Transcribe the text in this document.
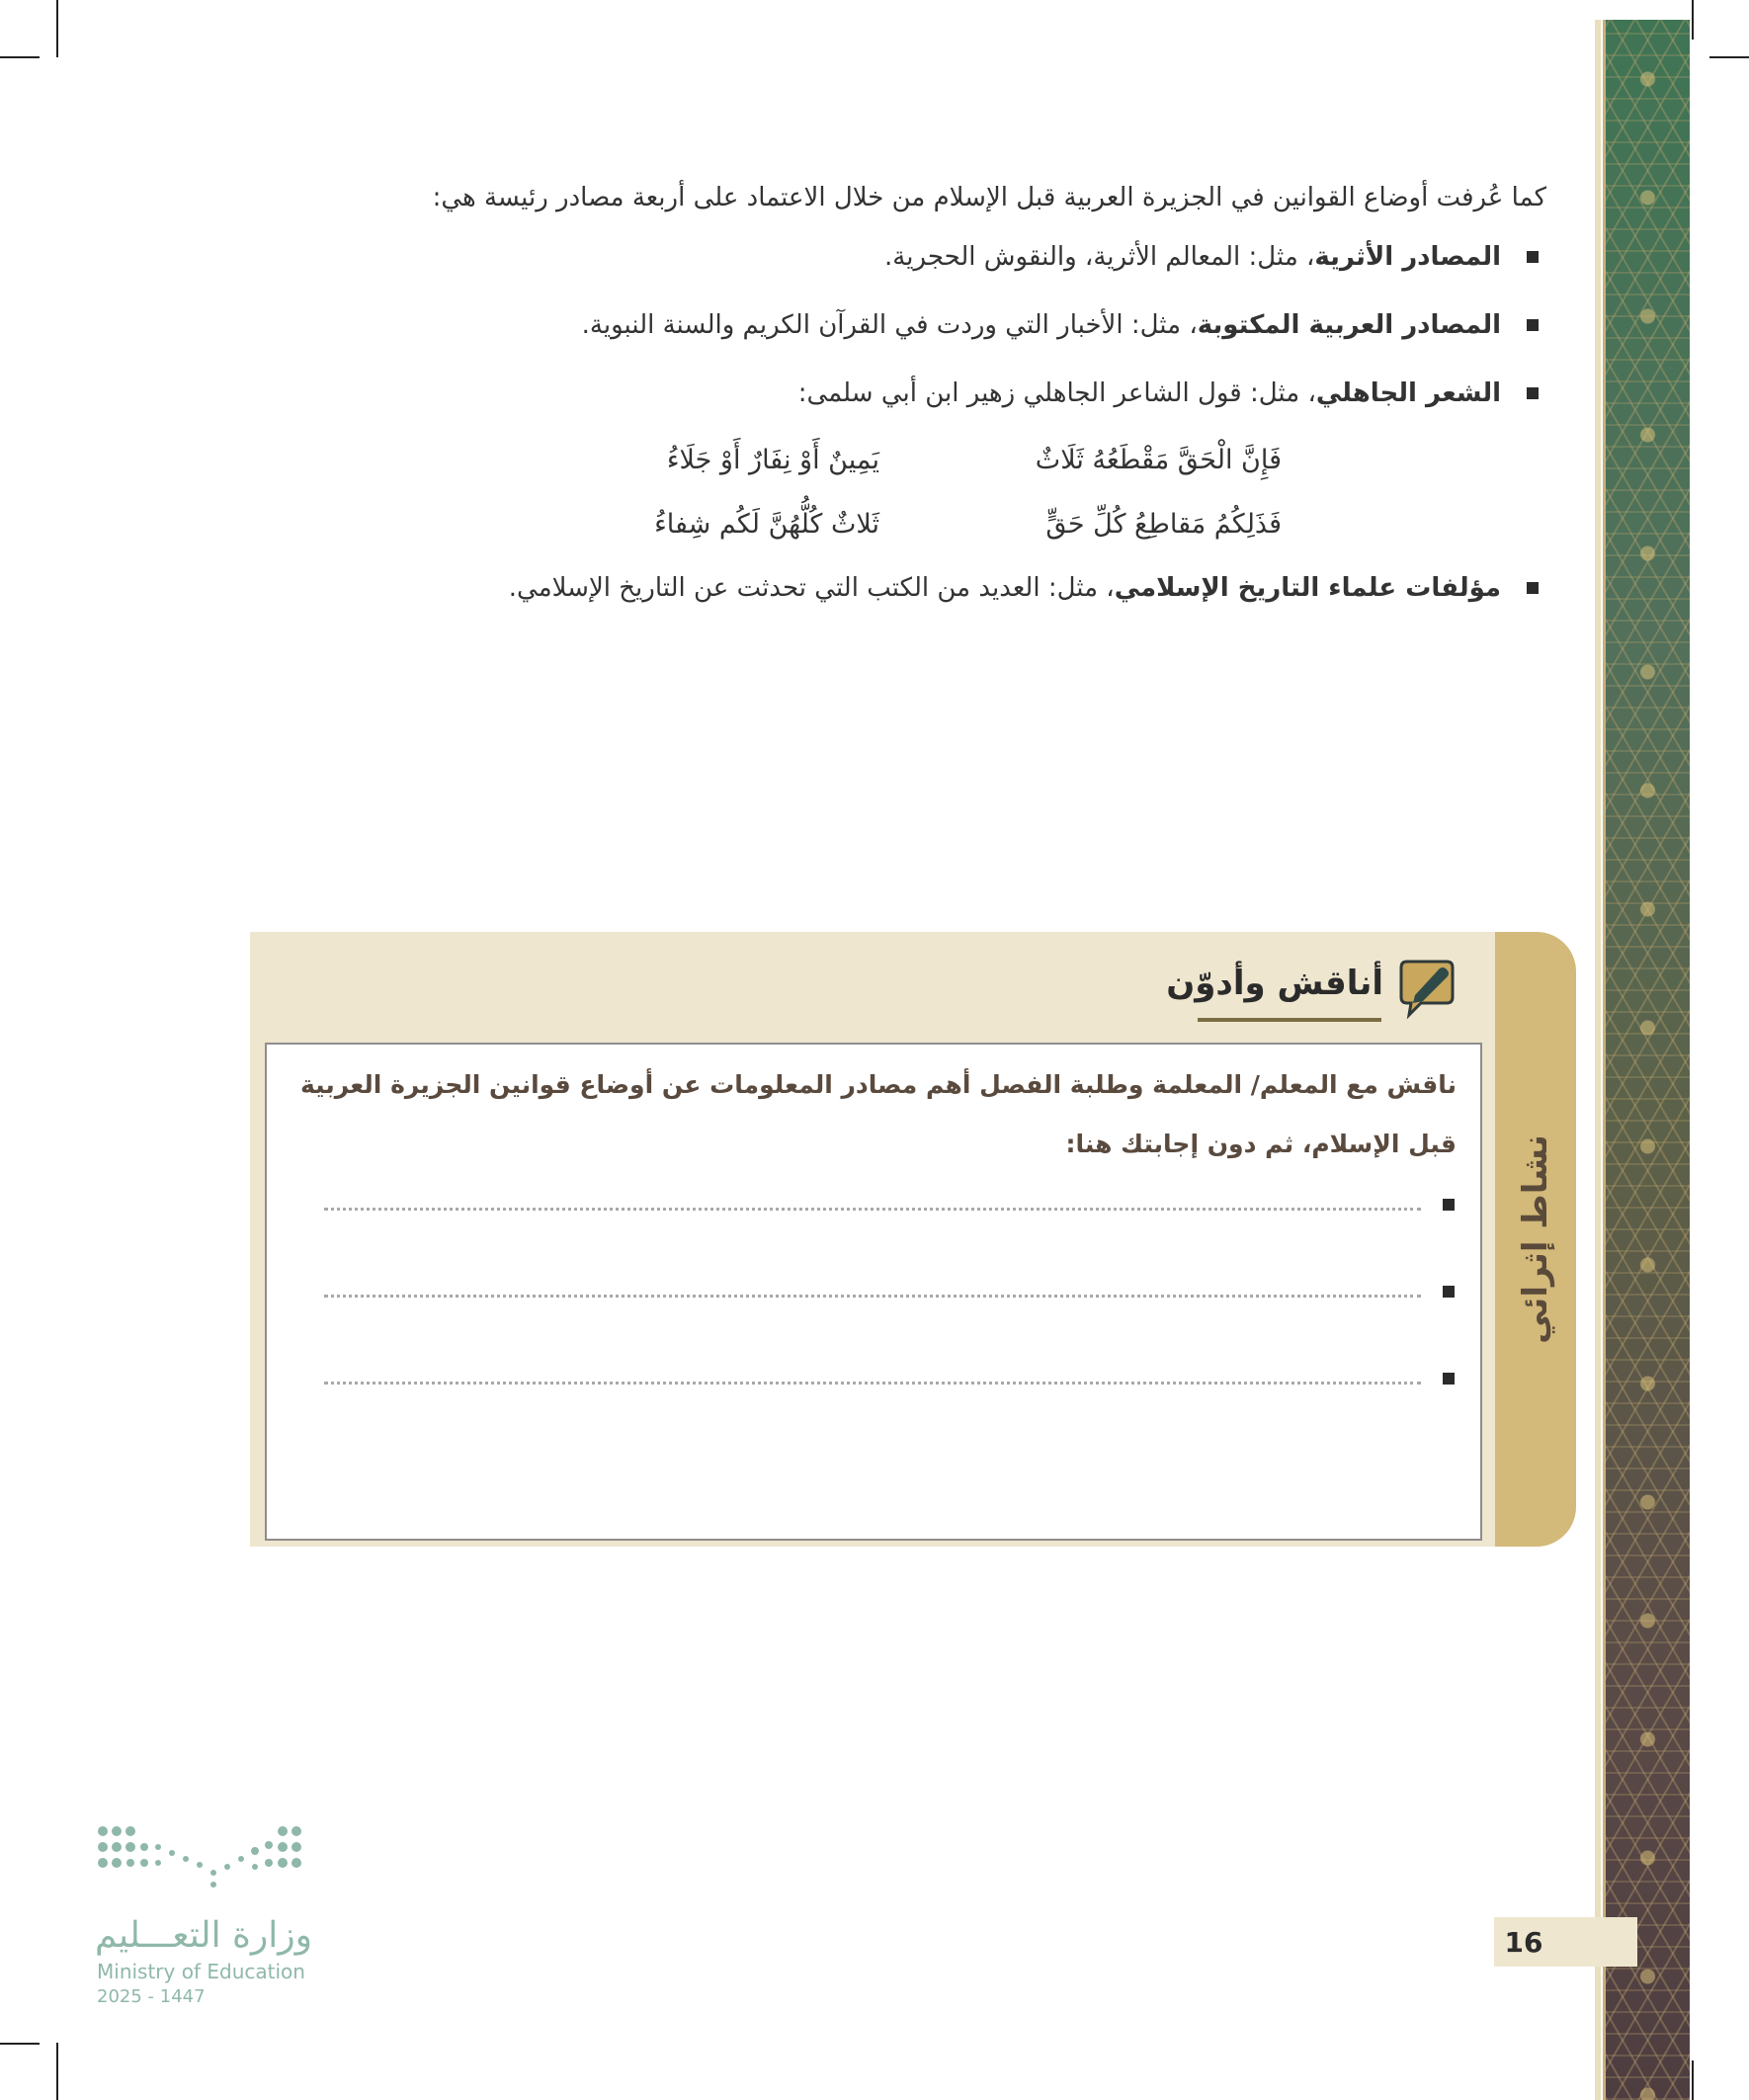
كما عُرفت أوضاع القوانين في الجزيرة العربية قبل الإسلام من خلال الاعتماد على أربعة مصادر رئيسة هي:
المصادر الأثرية، مثل: المعالم الأثرية، والنقوش الحجرية.
المصادر العربية المكتوبة، مثل: الأخبار التي وردت في القرآن الكريم والسنة النبوية.
الشعر الجاهلي، مثل: قول الشاعر الجاهلي زهير ابن أبي سلمى:
فَإِنَّ الْحَقَّ مَقْطَعُهُ ثَلَاثٌ
يَمِينٌ أَوْ نِفَارٌ أَوْ جَلَاءُ
فَذَلِكُمُ مَقاطِعُ كُلِّ حَقٍّ
ثَلاثٌ كُلُّهُنَّ لَكُم شِفاءُ
مؤلفات علماء التاريخ الإسلامي، مثل: العديد من الكتب التي تحدثت عن التاريخ الإسلامي.
نشاط إثرائي
أناقش وأدوّن
ناقش مع المعلم/ المعلمة وطلبة الفصل أهم مصادر المعلومات عن أوضاع قوانين الجزيرة العربية
قبل الإسلام، ثم دون إجابتك هنا:
16
وزارة التعـــليم
Ministry of Education
2025 - 1447
